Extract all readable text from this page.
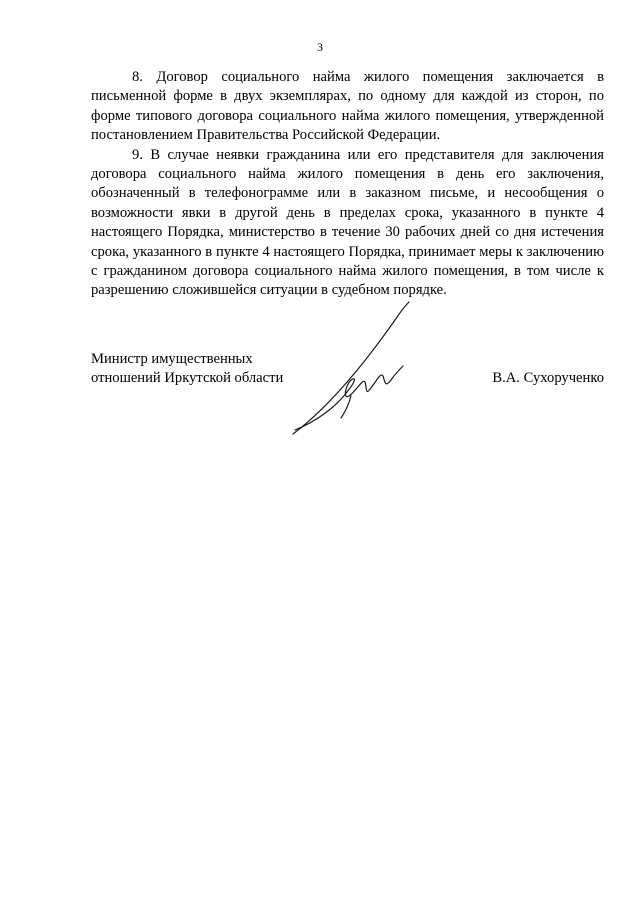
3

8. Договор социального найма жилого помещения заключается в письменной форме в двух экземплярах, по одному для каждой из сторон, по форме типового договора социального найма жилого помещения, утвержденной постановлением Правительства Российской Федерации.

9. В случае неявки гражданина или его представителя для заключения договора социального найма жилого помещения в день его заключения, обозначенный в телефонограмме или в заказном письме, и несообщения о возможности явки в другой день в пределах срока, указанного в пункте 4 настоящего Порядка, министерство в течение 30 рабочих дней со дня истечения срока, указанного в пункте 4 настоящего Порядка, принимает меры к заключению с гражданином договора социального найма жилого помещения, в том числе к разрешению сложившейся ситуации в судебном порядке.

Министр имущественных
отношений Иркутской области	В.А. Сухорученко
